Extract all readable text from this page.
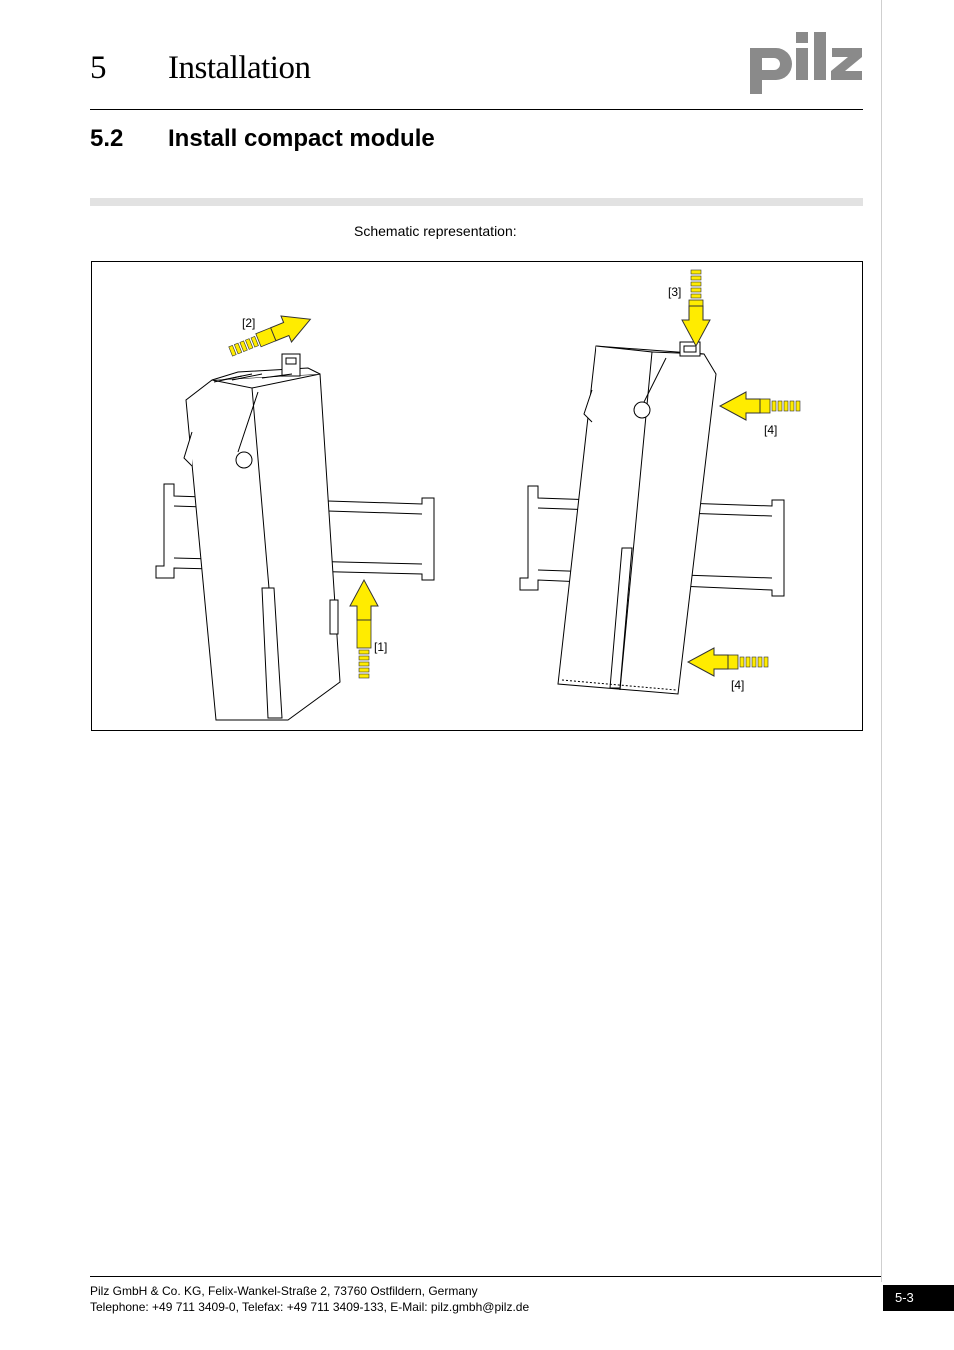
5 Installation
5.2 Install compact module
Schematic representation:
[2]
[1]
[3]
[4]
[4]
Pilz GmbH & Co. KG, Felix-Wankel-Straße 2, 73760 Ostfildern, Germany
Telephone: +49 711 3409-0, Telefax: +49 711 3409-133, E-Mail: pilz.gmbh@pilz.de
5-3
